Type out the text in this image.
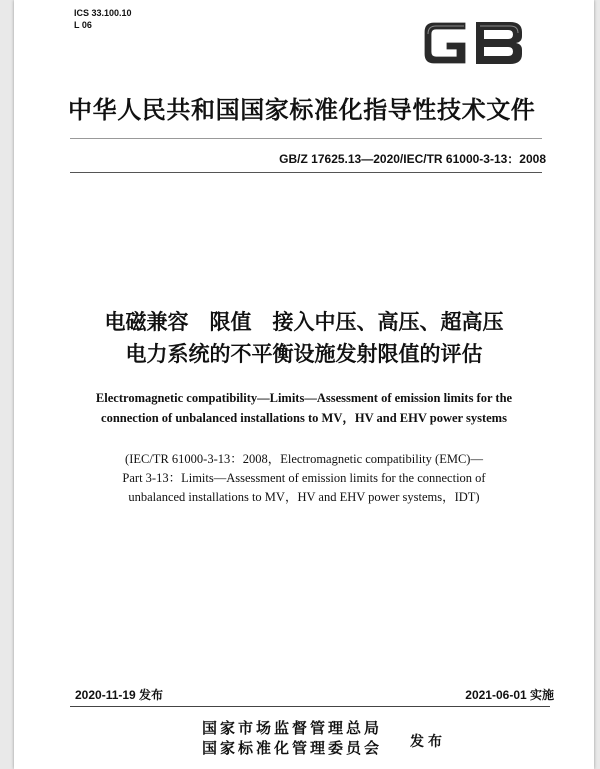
ICS 33.100.10
L 06
中华人民共和国国家标准化指导性技术文件
GB/Z 17625.13—2020/IEC/TR 61000-3-13：2008
电磁兼容　限值　接入中压、高压、超高压
电力系统的不平衡设施发射限值的评估
Electromagnetic compatibility—Limits—Assessment of emission limits for the
connection of unbalanced installations to MV，HV and EHV power systems
(IEC/TR 61000-3-13：2008，Electromagnetic compatibility (EMC)—
Part 3-13：Limits—Assessment of emission limits for the connection of
unbalanced installations to MV，HV and EHV power systems，IDT)
2020-11-19 发布	2021-06-01 实施
国家市场监督管理总局
国家标准化管理委员会 发布
